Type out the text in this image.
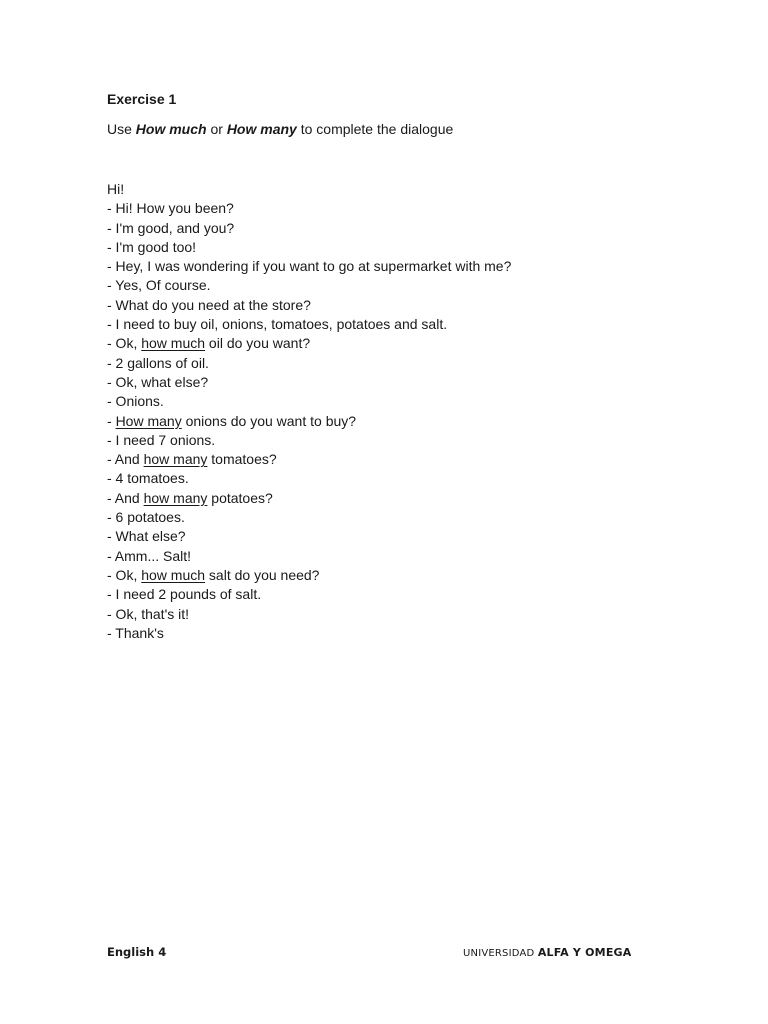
Exercise 1

Use How much or How many to complete the dialogue

Hi!
- Hi! How you been?
- I'm good, and you?
- I'm good too!
- Hey, I was wondering if you want to go at supermarket with me?
- Yes, Of course.
- What do you need at the store?
- I need to buy oil, onions, tomatoes, potatoes and salt.
- Ok, how much oil do you want?
- 2 gallons of oil.
- Ok, what else?
- Onions.
- How many onions do you want to buy?
- I need 7 onions.
- And how many tomatoes?
- 4 tomatoes.
- And how many potatoes?
- 6 potatoes.
- What else?
- Amm... Salt!
- Ok, how much salt do you need?
- I need 2 pounds of salt.
- Ok, that's it!
- Thank's
English 4	UNIVERSIDAD ALFA Y OMEGA
